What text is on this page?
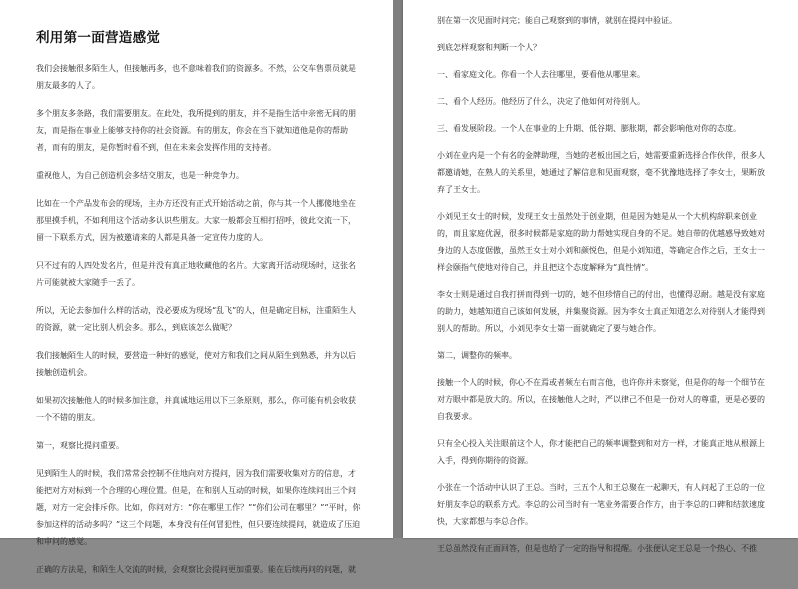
利用第一面营造感觉

我们会接触很多陌生人，但接触再多，也不意味着我们的资源多。不然，公交车售票员就是朋友最多的人了。

多个朋友多条路，我们需要朋友。在此处，我所提到的朋友，并不是指生活中亲密无间的朋友，而是指在事业上能够支持你的社会资源。有的朋友，你会在当下就知道他是你的帮助者，而有的朋友，是你暂时看不到，但在未来会发挥作用的支持者。

重视他人，为自己创造机会多结交朋友，也是一种竞争力。

比如在一个产品发布会的现场，主办方还没有正式开始活动之前，你与其一个人挪傻地坐在那里摸手机，不如利用这个活动多认识些朋友。大家一般都会互相打招呼，彼此交流一下，留一下联系方式，因为被邀请来的人都是具备一定宣传力度的人。

只不过有的人四处发名片，但是并没有真正地收藏他的名片。大家离开活动现场时，这张名片可能就被大家随手一丢了。

所以，无论去参加什么样的活动，没必要成为现场“乱飞”的人，但是确定目标，注重陌生人的资源，就一定比别人机会多。那么，到底该怎么做呢？

我们接触陌生人的时候，要营造一种好的感觉，使对方和我们之间从陌生到熟悉，并为以后接触创造机会。

如果初次接触他人的时候多加注意，并真诚地运用以下三条原则，那么，你可能有机会收获一个不错的朋友。

第一，观察比提问重要。

见到陌生人的时候，我们常常会控制不住地向对方提问，因为我们需要收集对方的信息，才能把对方对标到一个合理的心理位置。但是，在和别人互动的时候，如果你连续问出三个问题，对方一定会排斥你。比如，你问对方：“你在哪里工作？”“你们公司在哪里？”“平时，你参加这样的活动多吗？”这三个问题，本身没有任何冒犯性，但只要连续提问，就造成了压迫和审问的感觉。

正确的方法是，和陌生人交流的时候，会观察比会提问更加重要。能在后续再问的问题，就

别在第一次见面时问完；能自己观察到的事情，就别在提问中验证。

到底怎样观察和判断一个人？

一、看家庭文化。你看一个人去往哪里，要看他从哪里来。

二、看个人经历。他经历了什么，决定了他如何对待别人。

三、看发展阶段。一个人在事业的上升期、低谷期、膨胀期，都会影响他对你的态度。

小刘在业内是一个有名的金牌助理，当她的老板出国之后，她需要重新选择合作伙伴，很多人都邀请她，在熟人的关系里，她通过了解信息和见面观察，毫不犹豫地选择了李女士，果断放弃了王女士。

小刘见王女士的时候，发现王女士虽然处于创业期，但是因为她是从一个大机构辞职来创业的，而且家庭优渥，很多时候都是家庭的助力帮她实现自身的不足。她自带的优越感导致她对身边的人态度倨傲，虽然王女士对小刘和颜悦色，但是小刘知道，等确定合作之后，王女士一样会颐指气使地对待自己，并且把这个态度解释为“真性情”。

李女士则是通过自我打拼而得到一切的，她不但珍惜自己的付出，也懂得忍耐。越是没有家庭的助力，她越知道自己该如何发展，并集聚资源。因为李女士真正知道怎么对待别人才能得到别人的帮助。所以，小刘见李女士第一面就确定了要与她合作。

第二，调整你的频率。

接触一个人的时候，你心不在焉或者频左右而言他，也许你并未察觉，但是你的每一个细节在对方眼中都是放大的。所以，在接触他人之时，严以律己不但是一份对人的尊重，更是必要的自我要求。

只有全心投入关注眼前这个人，你才能把自己的频率调整到和对方一样，才能真正地从根源上入手，得到你期待的资源。

小张在一个活动中认识了王总。当时，三五个人和王总聚在一起聊天，有人问起了王总的一位好朋友李总的联系方式。李总的公司当时有一笔业务需要合作方，由于李总的口碑和结款速度快，大家都想与李总合作。

王总虽然没有正面回答，但是也给了一定的指导和提醒。小张便认定王总是一个热心、不推
